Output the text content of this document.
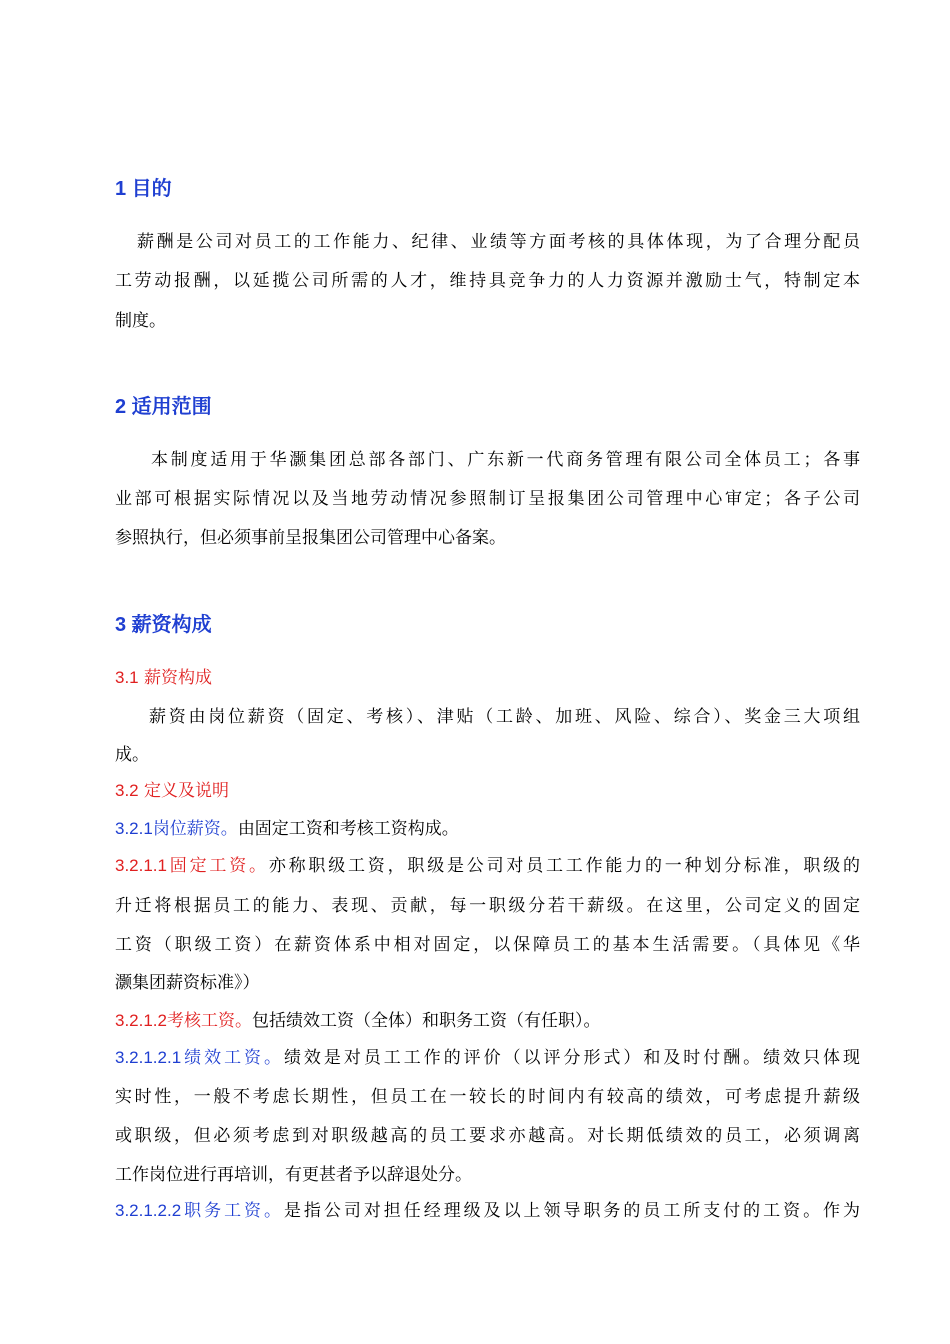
1 目的
薪酬是公司对员工的工作能力、纪律、业绩等方面考核的具体体现，为了合理分配员
工劳动报酬，以延揽公司所需的人才，维持具竞争力的人力资源并激励士气，特制定本
制度。
2 适用范围
本制度适用于华灏集团总部各部门、广东新一代商务管理有限公司全体员工；各事
业部可根据实际情况以及当地劳动情况参照制订呈报集团公司管理中心审定；各子公司
参照执行，但必须事前呈报集团公司管理中心备案。
3 薪资构成
3.1 薪资构成
薪资由岗位薪资（固定、考核）、津贴（工龄、加班、风险、综合）、奖金三大项组
成。
3.2 定义及说明
3.2.1岗位薪资。由固定工资和考核工资构成。
3.2.1.1固定工资。亦称职级工资，职级是公司对员工工作能力的一种划分标准，职级的
升迁将根据员工的能力、表现、贡献，每一职级分若干薪级。在这里，公司定义的固定
工资（职级工资）在薪资体系中相对固定，以保障员工的基本生活需要。（具体见《华
灏集团薪资标准》）
3.2.1.2考核工资。包括绩效工资（全体）和职务工资（有任职）。
3.2.1.2.1绩效工资。绩效是对员工工作的评价（以评分形式）和及时付酬。绩效只体现
实时性，一般不考虑长期性，但员工在一较长的时间内有较高的绩效，可考虑提升薪级
或职级，但必须考虑到对职级越高的员工要求亦越高。对长期低绩效的员工，必须调离
工作岗位进行再培训，有更甚者予以辞退处分。
3.2.1.2.2职务工资。是指公司对担任经理级及以上领导职务的员工所支付的工资。作为
